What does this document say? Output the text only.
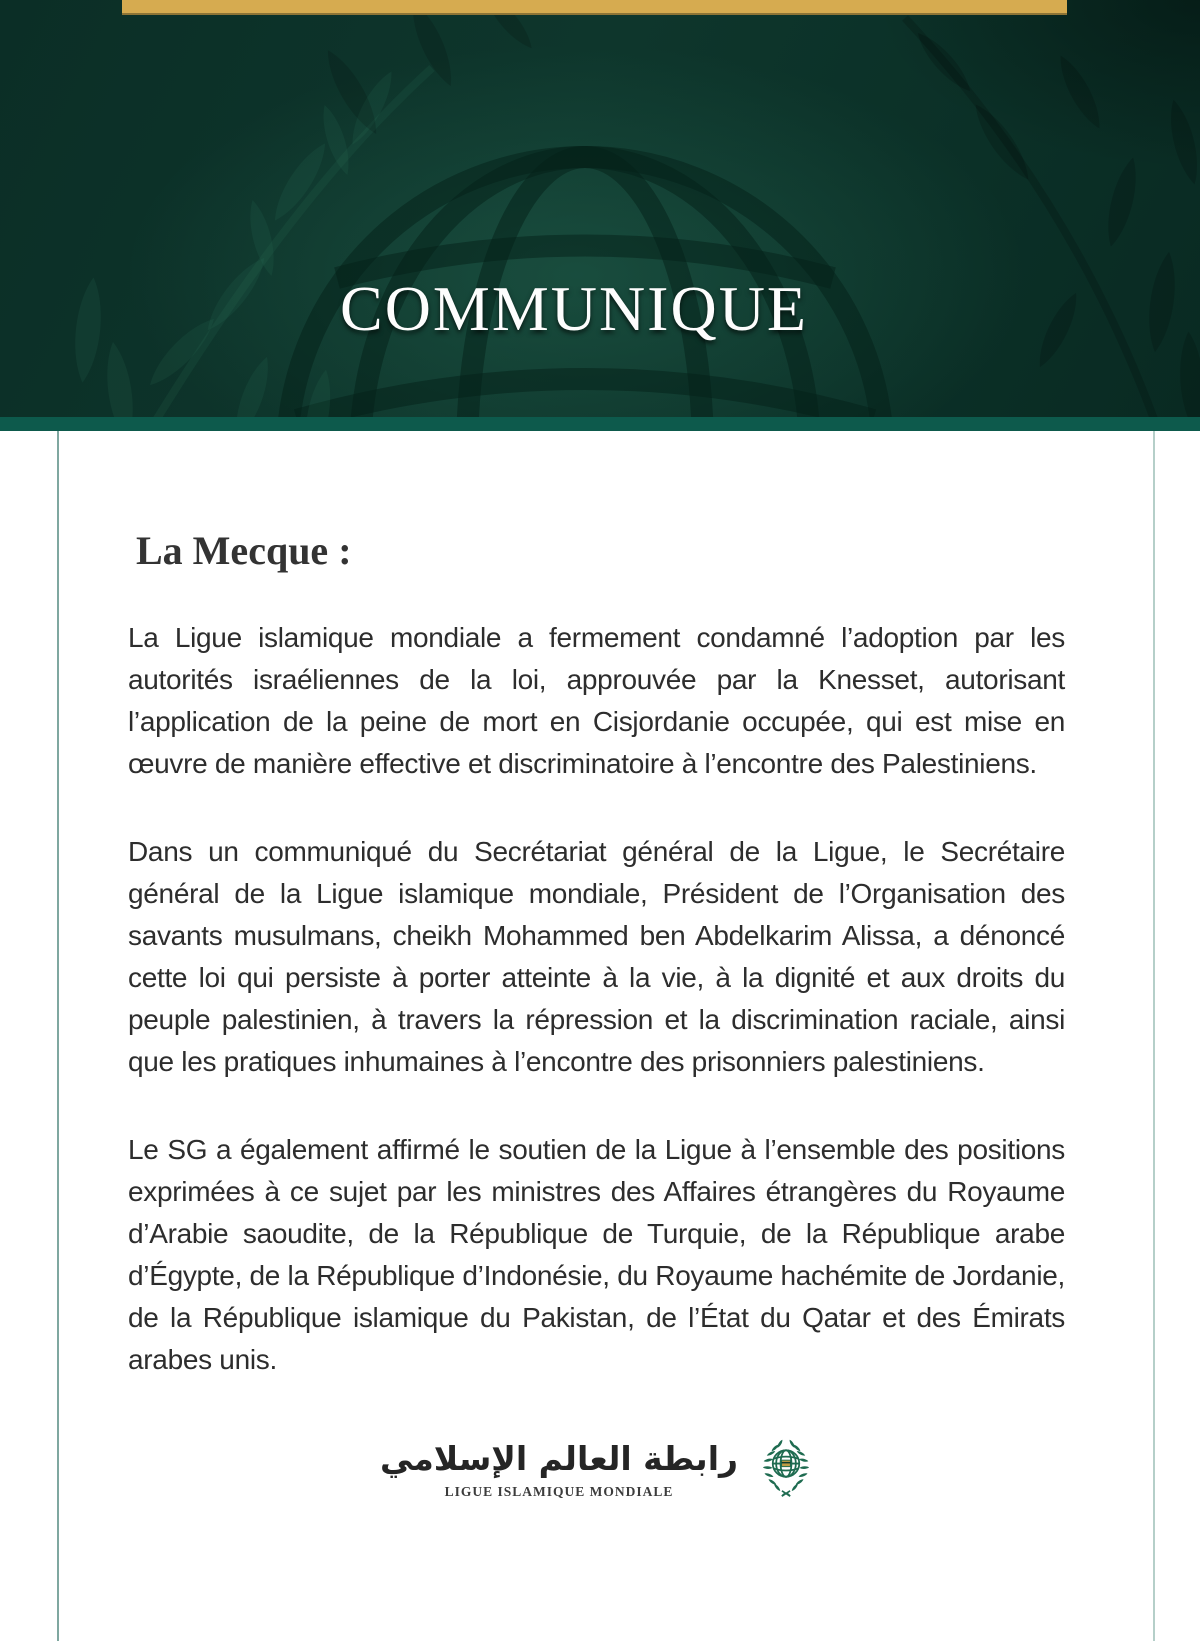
COMMUNIQUE
La Mecque :

La Ligue islamique mondiale a fermement condamné l’adoption par les autorités israéliennes de la loi, approuvée par la Knesset, autorisant l’application de la peine de mort en Cisjordanie occupée, qui est mise en œuvre de manière effective et discriminatoire à l’encontre des Palestiniens.

Dans un communiqué du Secrétariat général de la Ligue, le Secrétaire général de la Ligue islamique mondiale, Président de l’Organisation des savants musulmans, cheikh Mohammed ben Abdelkarim Alissa, a dénoncé cette loi qui persiste à porter atteinte à la vie, à la dignité et aux droits du peuple palestinien, à travers la répression et la discrimination raciale, ainsi que les pratiques inhumaines à l’encontre des prisonniers palestiniens.

Le SG a également affirmé le soutien de la Ligue à l’ensemble des positions exprimées à ce sujet par les ministres des Affaires étrangères du Royaume d’Arabie saoudite, de la République de Turquie, de la République arabe d’Égypte, de la République d’Indonésie, du Royaume hachémite de Jordanie, de la République islamique du Pakistan, de l’État du Qatar et des Émirats arabes unis.

رابطة العالم الإسلامي
LIGUE ISLAMIQUE MONDIALE
